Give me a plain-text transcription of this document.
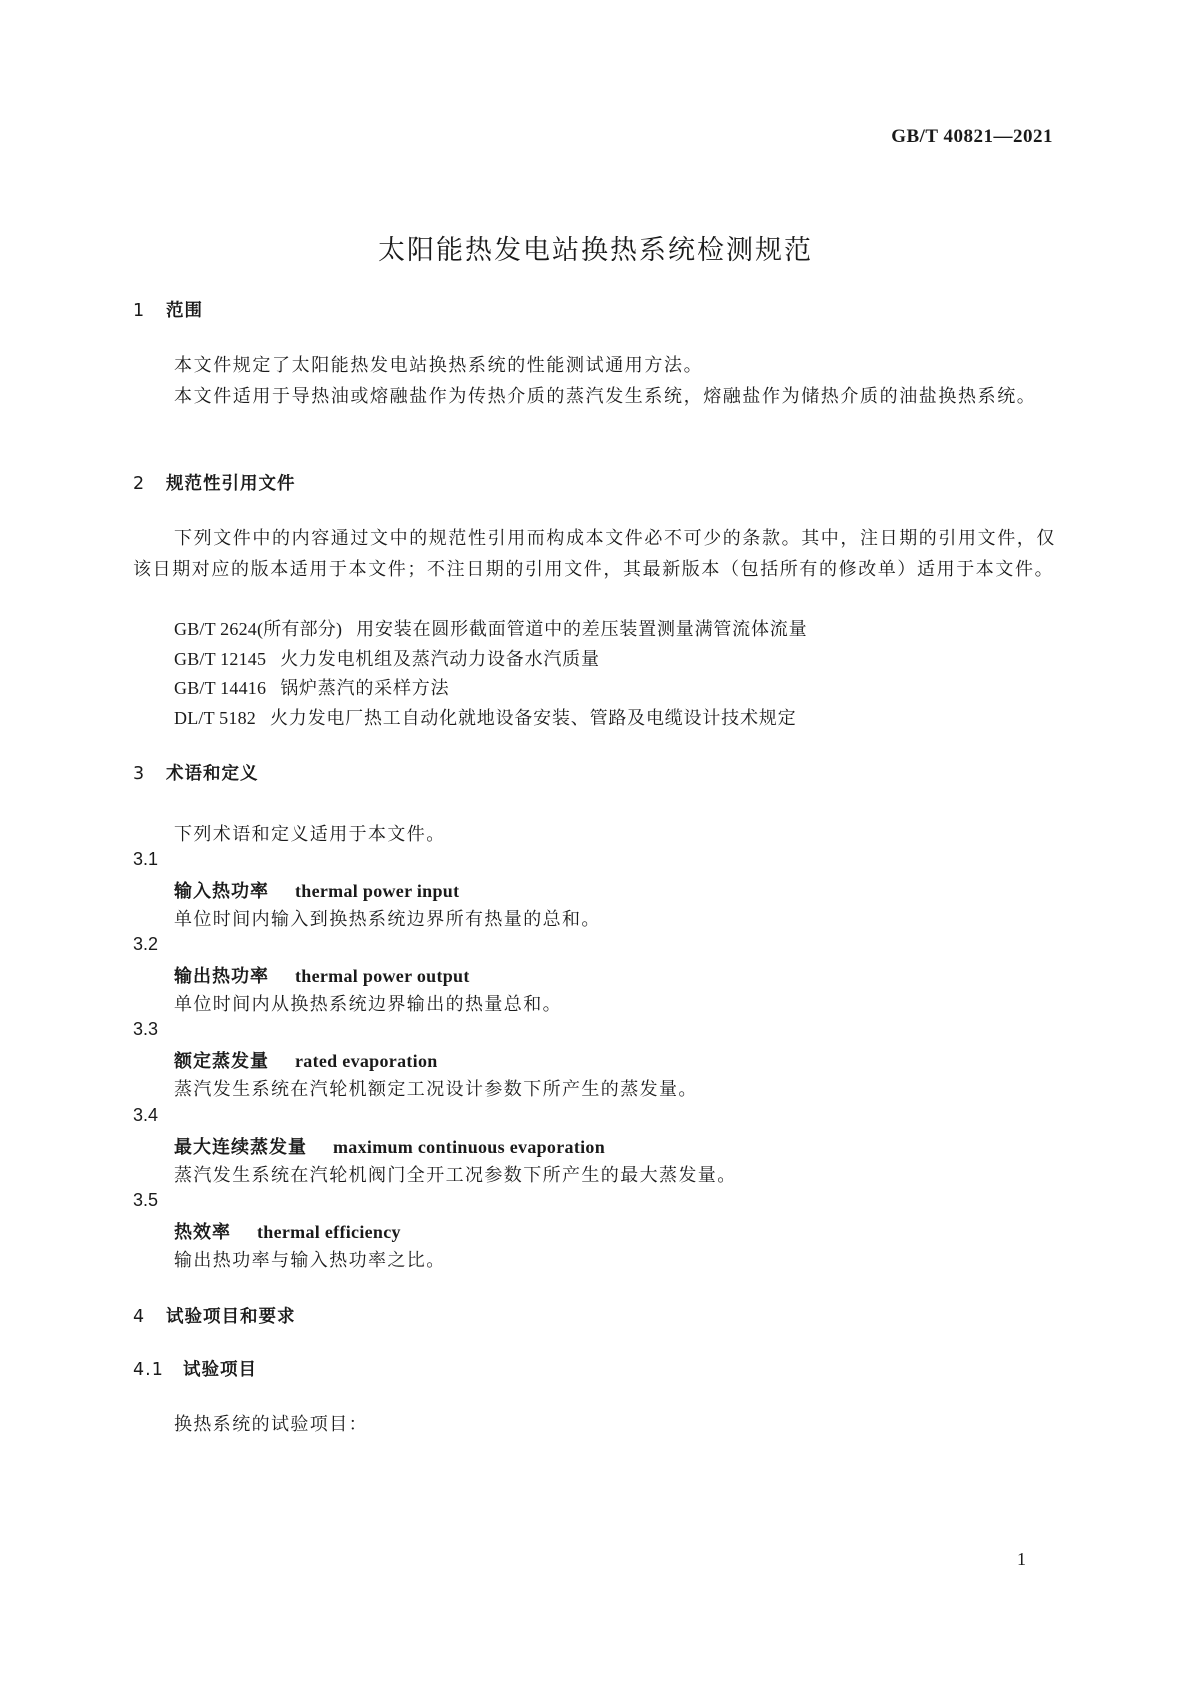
GB/T 40821—2021
太阳能热发电站换热系统检测规范
1 范围
本文件规定了太阳能热发电站换热系统的性能测试通用方法。
本文件适用于导热油或熔融盐作为传热介质的蒸汽发生系统，熔融盐作为储热介质的油盐换热系统。
2 规范性引用文件
下列文件中的内容通过文中的规范性引用而构成本文件必不可少的条款。其中，注日期的引用文件，仅该日期对应的版本适用于本文件；不注日期的引用文件，其最新版本（包括所有的修改单）适用于本文件。
GB/T 2624(所有部分) 用安装在圆形截面管道中的差压装置测量满管流体流量
GB/T 12145 火力发电机组及蒸汽动力设备水汽质量
GB/T 14416 锅炉蒸汽的采样方法
DL/T 5182 火力发电厂热工自动化就地设备安装、管路及电缆设计技术规定
3 术语和定义
下列术语和定义适用于本文件。
3.1
输入热功率 thermal power input
单位时间内输入到换热系统边界所有热量的总和。
3.2
输出热功率 thermal power output
单位时间内从换热系统边界输出的热量总和。
3.3
额定蒸发量 rated evaporation
蒸汽发生系统在汽轮机额定工况设计参数下所产生的蒸发量。
3.4
最大连续蒸发量 maximum continuous evaporation
蒸汽发生系统在汽轮机阀门全开工况参数下所产生的最大蒸发量。
3.5
热效率 thermal efficiency
输出热功率与输入热功率之比。
4 试验项目和要求
4.1 试验项目
换热系统的试验项目：
1
